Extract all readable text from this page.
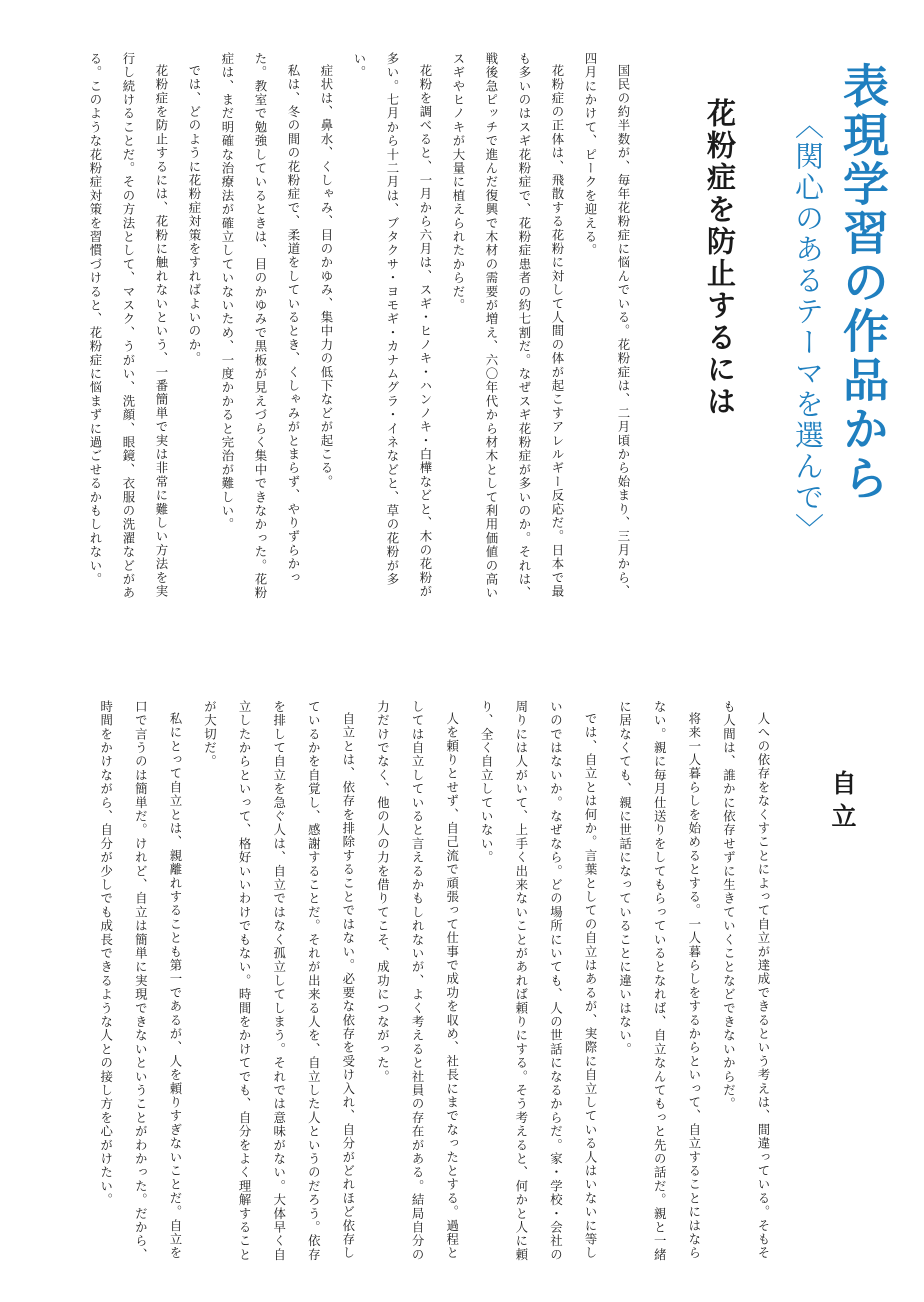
表現学習の作品から
〈関心のあるテーマを選んで〉
花粉症を防止するには

国民の約半数が、毎年花粉症に悩んでいる。花粉症は、二月頃から始まり、三月から、四月にかけて、ピークを迎える。

花粉症の正体は、飛散する花粉に対して人間の体が起こすアレルギー反応だ。日本で最も多いのはスギ花粉症で、花粉症患者の約七割だ。なぜスギ花粉症が多いのか。それは、戦後急ピッチで進んだ復興で木材の需要が増え、六〇年代から材木として利用価値の高いスギやヒノキが大量に植えられたからだ。

花粉を調べると、一月から六月は、スギ・ヒノキ・ハンノキ・白樺などと、木の花粉が多い。七月から十二月は、ブタクサ・ヨモギ・カナムグラ・イネなどと、草の花粉が多い。

症状は、鼻水、くしゃみ、目のかゆみ、集中力の低下などが起こる。

私は、冬の間の花粉症で、柔道をしているとき、くしゃみがとまらず、やりずらかった。教室で勉強しているときは、目のかゆみで黒板が見えづらく集中できなかった。花粉症は、まだ明確な治療法が確立していないため、一度かかると完治が難しい。

では、どのように花粉症対策をすればよいのか。

花粉症を防止するには、花粉に触れないという、一番簡単で実は非常に難しい方法を実行し続けることだ。その方法として、マスク、うがい、洗顔、眼鏡、衣服の洗濯などがある。このような花粉症対策を習慣づけると、花粉症に悩まずに過ごせるかもしれない。

自立

人への依存をなくすことによって自立が達成できるという考えは、間違っている。そもそも人間は、誰かに依存せずに生きていくことなどできないからだ。

将来一人暮らしを始めるとする。一人暮らしをするからといって、自立することにはならない。親に毎月仕送りをしてもらっているとなれば、自立なんてもっと先の話だ。親と一緒に居なくても、親に世話になっていることに違いはない。

では、自立とは何か。言葉としての自立はあるが、実際に自立している人はいないに等しいのではないか。なぜなら。どの場所にいても、人の世話になるからだ。家・学校・会社の周りには人がいて、上手く出来ないことがあれば頼りにする。そう考えると、何かと人に頼り、全く自立していない。

人を頼りとせず、自己流で頑張って仕事で成功を収め、社長にまでなったとする。過程としては自立していると言えるかもしれないが、よく考えると社員の存在がある。結局自分の力だけでなく、他の人の力を借りてこそ、成功につながった。

自立とは、依存を排除することではない。必要な依存を受け入れ、自分がどれほど依存しているかを自覚し、感謝することだ。それが出来る人を、自立した人というのだろう。依存を排して自立を急ぐ人は、自立ではなく孤立してしまう。それでは意味がない。大体早く自立したからといって、格好いいわけでもない。時間をかけてでも、自分をよく理解することが大切だ。

私にとって自立とは、親離れすることも第一であるが、人を頼りすぎないことだ。自立を口で言うのは簡単だ。けれど、自立は簡単に実現できないということがわかった。だから、時間をかけながら、自分が少しでも成長できるような人との接し方を心がけたい。
